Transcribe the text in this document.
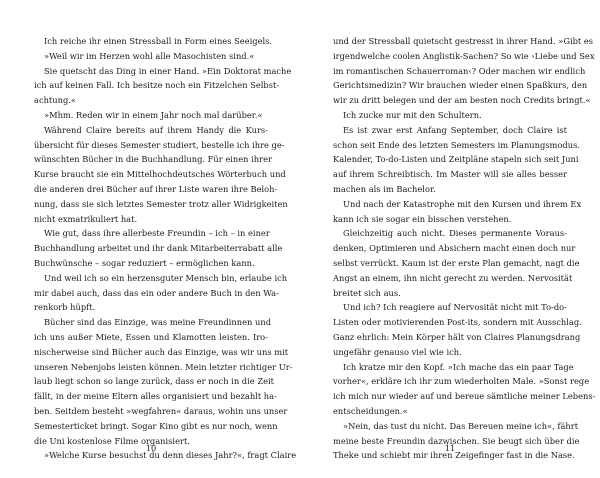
Ich reiche ihr einen Stressball in Form eines Seeigels.
»Weil wir im Herzen wohl alle Masochisten sind.«
Sie quetscht das Ding in einer Hand. »Ein Doktorat mache
ich auf keinen Fall. Ich besitze noch ein Fitzelchen Selbst-
achtung.«
»Mhm. Reden wir in einem Jahr noch mal darüber.«
Während Claire bereits auf ihrem Handy die Kurs-
übersicht für dieses Semester studiert, bestelle ich ihre ge-
wünschten Bücher in die Buchhandlung. Für einen ihrer
Kurse braucht sie ein Mittelhochdeutsches Wörterbuch und
die anderen drei Bücher auf ihrer Liste waren ihre Beloh-
nung, dass sie sich letztes Semester trotz aller Widrigkeiten
nicht exmatrikuliert hat.
Wie gut, dass ihre allerbeste Freundin – ich – in einer
Buchhandlung arbeitet und ihr dank Mitarbeiterrabatt alle
Buchwünsche – sogar reduziert – ermöglichen kann.
Und weil ich so ein herzensguter Mensch bin, erlaube ich
mir dabei auch, dass das ein oder andere Buch in den Wa-
renkorb hüpft.
Bücher sind das Einzige, was meine Freundinnen und
ich uns außer Miete, Essen und Klamotten leisten. Iro-
nischerweise sind Bücher auch das Einzige, was wir uns mit
unseren Nebenjobs leisten können. Mein letzter richtiger Ur-
laub liegt schon so lange zurück, dass er noch in die Zeit
fällt, in der meine Eltern alles organisiert und bezahlt ha-
ben. Seitdem besteht »wegfahren« daraus, wohin uns unser
Semesterticket bringt. Sogar Kino gibt es nur noch, wenn
die Uni kostenlose Filme organisiert.
»Welche Kurse besuchst du denn dieses Jahr?«, fragt Claire
10
und der Stressball quietscht gestresst in ihrer Hand. »Gibt es
irgendwelche coolen Anglistik-Sachen? So wie ›Liebe und Sex
im romantischen Schauerroman‹? Oder machen wir endlich
Gerichtsmedizin? Wir brauchen wieder einen Spaßkurs, den
wir zu dritt belegen und der am besten noch Credits bringt.«
Ich zucke nur mit den Schultern.
Es ist zwar erst Anfang September, doch Claire ist
schon seit Ende des letzten Semesters im Planungsmodus.
Kalender, To-do-Listen und Zeitpläne stapeln sich seit Juni
auf ihrem Schreibtisch. Im Master will sie alles besser
machen als im Bachelor.
Und nach der Katastrophe mit den Kursen und ihrem Ex
kann ich sie sogar ein bisschen verstehen.
Gleichzeitig auch nicht. Dieses permanente Voraus-
denken, Optimieren und Absichern macht einen doch nur
selbst verrückt. Kaum ist der erste Plan gemacht, nagt die
Angst an einem, ihn nicht gerecht zu werden. Nervosität
breitet sich aus.
Und ich? Ich reagiere auf Nervosität nicht mit To-do-
Listen oder motivierenden Post-its, sondern mit Ausschlag.
Ganz ehrlich: Mein Körper hält von Claires Planungsdrang
ungefähr genauso viel wie ich.
Ich kratze mir den Kopf. »Ich mache das ein paar Tage
vorher«, erkläre ich ihr zum wiederholten Male. »Sonst rege
ich mich nur wieder auf und bereue sämtliche meiner Lebens-
entscheidungen.«
»Nein, das tust du nicht. Das Bereuen meine ich«, fährt
meine beste Freundin dazwischen. Sie beugt sich über die
Theke und schiebt mir ihren Zeigefinger fast in die Nase.
11
